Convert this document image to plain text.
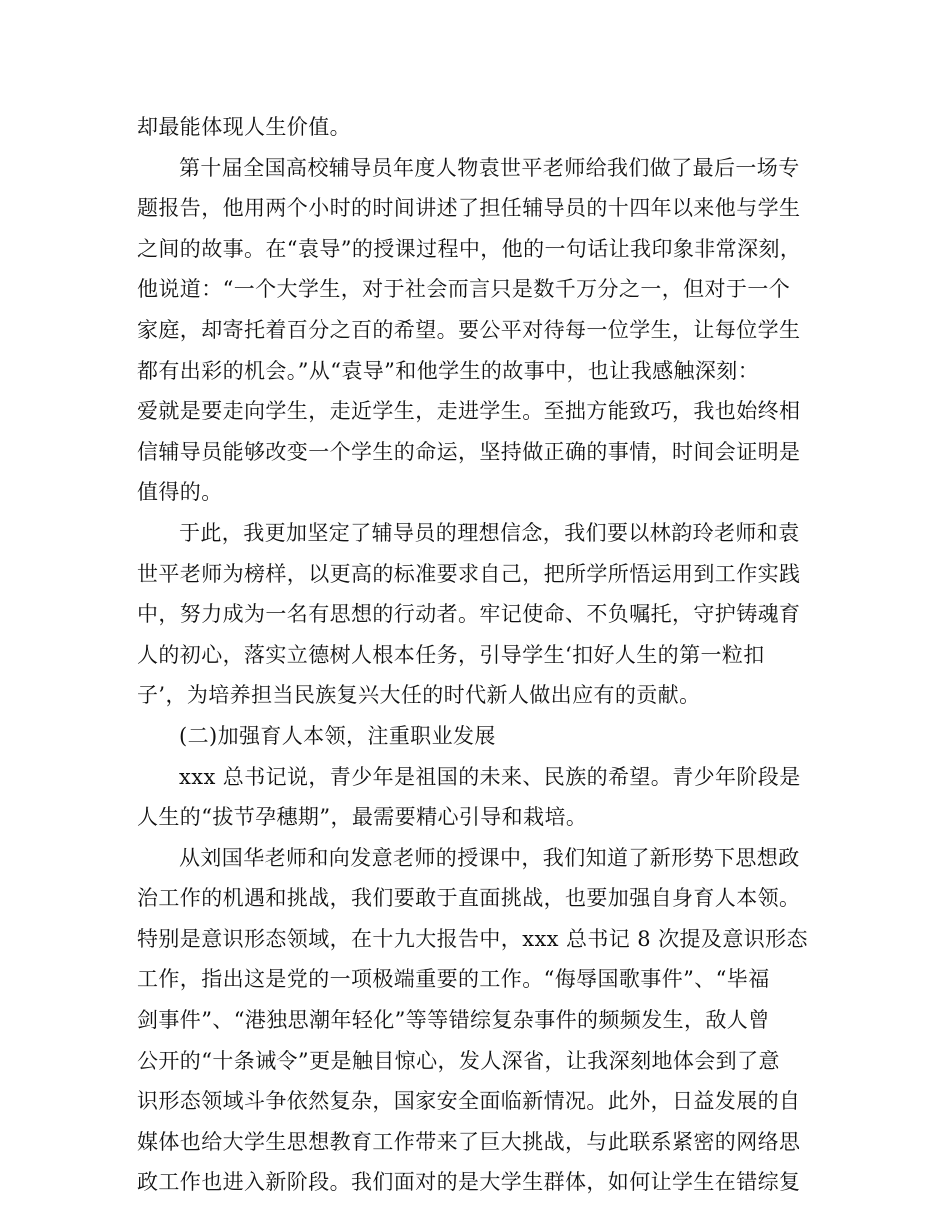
却最能体现人生价值。
第十届全国高校辅导员年度人物袁世平老师给我们做了最后一场专
题报告，他用两个小时的时间讲述了担任辅导员的十四年以来他与学生
之间的故事。在“袁导”的授课过程中，他的一句话让我印象非常深刻，
他说道：“一个大学生，对于社会而言只是数千万分之一，但对于一个
家庭，却寄托着百分之百的希望。要公平对待每一位学生，让每位学生
都有出彩的机会。”从“袁导”和他学生的故事中，也让我感触深刻：
爱就是要走向学生，走近学生，走进学生。至拙方能致巧，我也始终相
信辅导员能够改变一个学生的命运，坚持做正确的事情，时间会证明是
值得的。
于此，我更加坚定了辅导员的理想信念，我们要以林韵玲老师和袁
世平老师为榜样，以更高的标准要求自己，把所学所悟运用到工作实践
中，努力成为一名有思想的行动者。牢记使命、不负嘱托，守护铸魂育
人的初心，落实立德树人根本任务，引导学生‘扣好人生的第一粒扣
子’，为培养担当民族复兴大任的时代新人做出应有的贡献。
(二)加强育人本领，注重职业发展
xxx 总书记说，青少年是祖国的未来、民族的希望。青少年阶段是
人生的“拔节孕穗期”，最需要精心引导和栽培。
从刘国华老师和向发意老师的授课中，我们知道了新形势下思想政
治工作的机遇和挑战，我们要敢于直面挑战，也要加强自身育人本领。
特别是意识形态领域，在十九大报告中，xxx 总书记 8 次提及意识形态
工作，指出这是党的一项极端重要的工作。“侮辱国歌事件”、“毕福
剑事件”、“港独思潮年轻化”等等错综复杂事件的频频发生，敌人曾
公开的“十条诫令”更是触目惊心，发人深省，让我深刻地体会到了意
识形态领域斗争依然复杂，国家安全面临新情况。此外，日益发展的自
媒体也给大学生思想教育工作带来了巨大挑战，与此联系紧密的网络思
政工作也进入新阶段。我们面对的是大学生群体，如何让学生在错综复
